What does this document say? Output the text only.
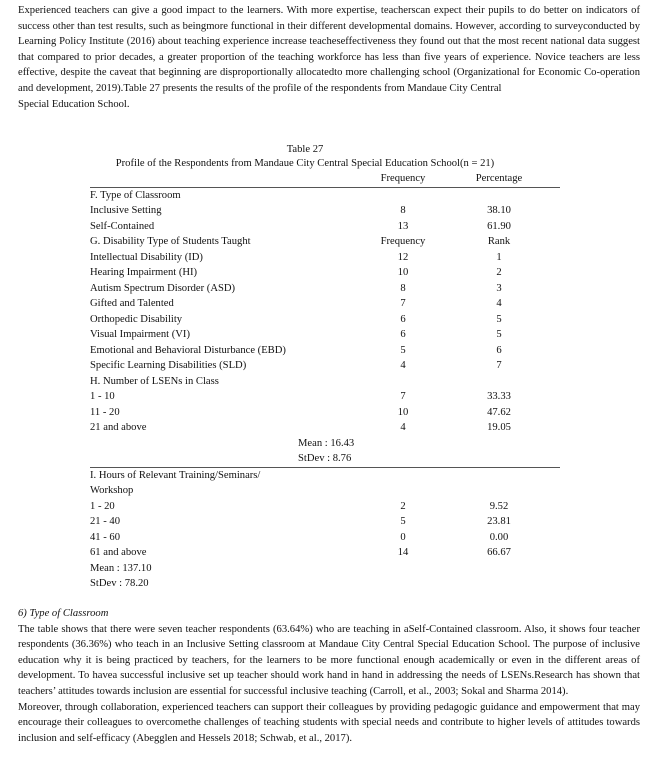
Experienced teachers can give a good impact to the learners. With more expertise, teacherscan expect their pupils to do better on indicators of success other than test results, such as beingmore functional in their different developmental domains. However, according to surveyconducted by Learning Policy Institute (2016) about teaching experience increase teacheseffectiveness they found out that the most recent national data suggest that compared to prior decades, a greater proportion of the teaching workforce has less than five years of experience. Novice teachers are less effective, despite the caveat that beginning are disproportionally allocatedto more challenging school (Organizational for Economic Co-operation and development, 2019).Table 27 presents the results of the profile of the respondents from Mandaue City Central

Special Education School.

Table 27
Profile of the Respondents from Mandaue City Central Special Education School(n = 21)
	Frequency	Percentage
F. Type of Classroom		
Inclusive Setting	8	38.10
Self-Contained	13	61.90
G. Disability Type of Students Taught	Frequency	Rank
Intellectual Disability (ID)	12	1
Hearing Impairment (HI)	10	2
Autism Spectrum Disorder (ASD)	8	3
Gifted and Talented	7	4
Orthopedic Disability	6	5
Visual Impairment (VI)	6	5
Emotional and Behavioral Disturbance (EBD)	5	6
Specific Learning Disabilities (SLD)	4	7
H. Number of LSENs in Class		
1 - 10	7	33.33
11 - 20	10	47.62
21 and above	4	19.05
Mean : 16.43		
StDev : 8.76		
I. Hours of Relevant Training/Seminars/
Workshop		
1 - 20	2	9.52
21 - 40	5	23.81
41 - 60	0	0.00
61 and above	14	66.67
Mean : 137.10		
StDev : 78.20		
6) Type of Classroom

The table shows that there were seven teacher respondents (63.64%) who are teaching in aSelf-Contained classroom. Also, it shows four teacher respondents (36.36%) who teach in an Inclusive Setting classroom at Mandaue City Central Special Education School. The purpose of inclusive education why it is being practiced by teachers, for the learners to be more functional enough academically or even in the different areas of development. To havea successful inclusive set up teacher should work hand in hand in addressing the needs of LSENs.Research has shown that teachers’ attitudes towards inclusion are essential for successful inclusive teaching (Carroll, et al., 2003; Sokal and Sharma 2014).

Moreover, through collaboration, experienced teachers can support their colleagues by providing pedagogic guidance and empowerment that may encourage their colleagues to overcomethe challenges of teaching students with special needs and contribute to higher levels of attitudes towards inclusion and self-efficacy (Abegglen and Hessels 2018; Schwab, et al., 2017).
